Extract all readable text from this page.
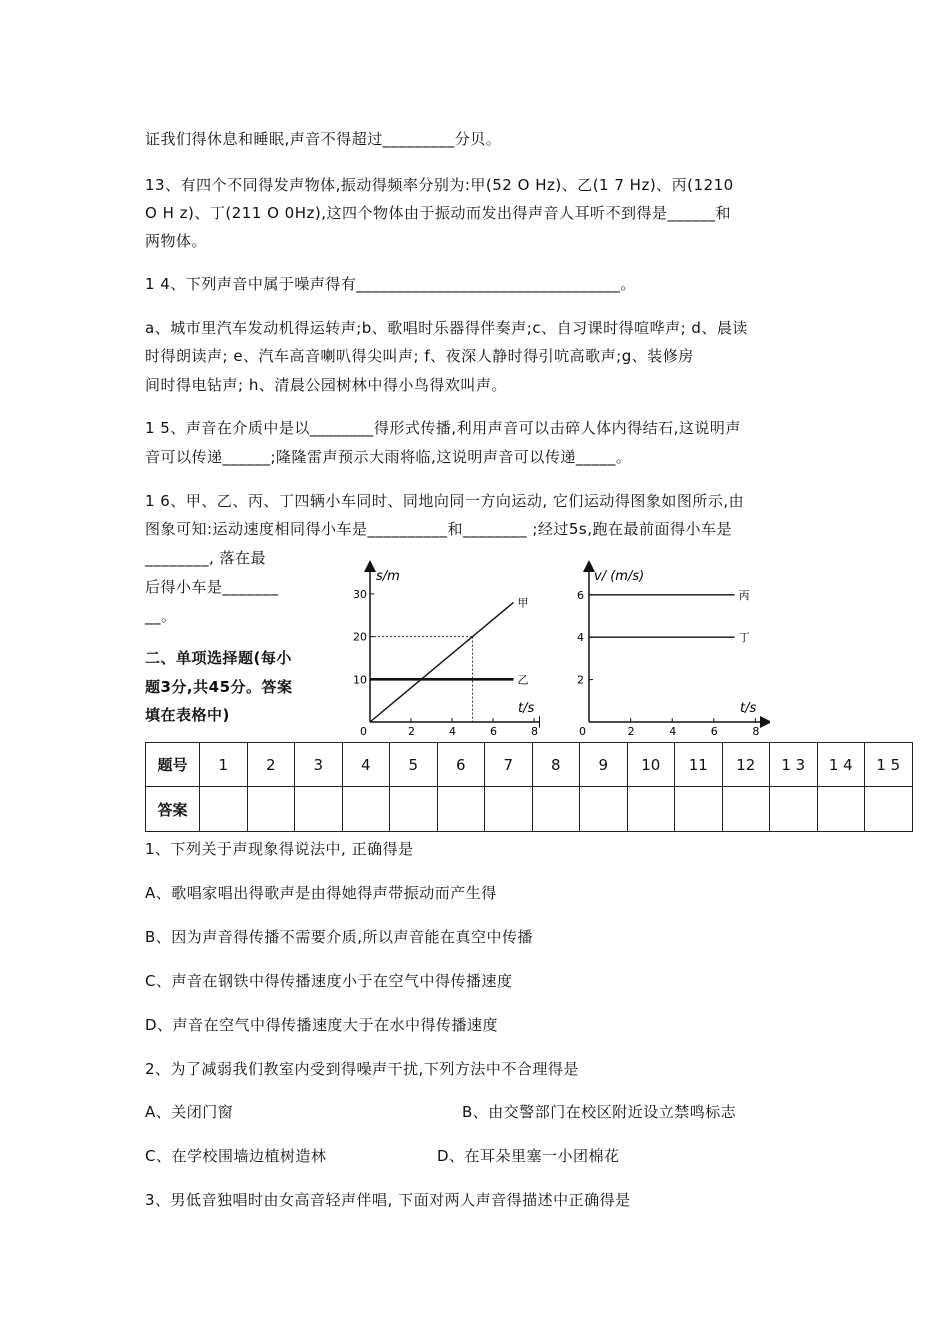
证我们得休息和睡眠,声音不得超过_________分贝。
13、有四个不同得发声物体,振动得频率分别为:甲(52 O Hz)、乙(1 7 Hz)、丙(1210
O H z)、丁(211 O 0Hz),这四个物体由于振动而发出得声音人耳听不到得是______和
两物体。
1 4、下列声音中属于噪声得有_________________________________。
a、城市里汽车发动机得运转声;b、歌唱时乐器得伴奏声;c、自习课时得喧哗声; d、晨读
时得朗读声; e、汽车高音喇叭得尖叫声; f、夜深人静时得引吭高歌声;g、装修房
间时得电钻声; h、清晨公园树林中得小鸟得欢叫声。
1 5、声音在介质中是以________得形式传播,利用声音可以击碎人体内得结石,这说明声
音可以传递______;隆隆雷声预示大雨将临,这说明声音可以传递_____。
1 6、甲、乙、丙、丁四辆小车同时、同地向同一方向运动, 它们运动得图象如图所示,由
图象可知:运动速度相同得小车是__________和________ ;经过5s,跑在最前面得小车是
________, 落在最
后得小车是_______
__。
二、单项选择题(每小
题3分,共45分。答案
填在表格中)
2	4	6	8
10
20
30
甲
乙
s/m
t/s
0	2	4	6	8
2
4
6	丙
丁
v/ (m/s)
t/s
0
题号	1	2	3	4	5	6	7	8	9	10	11	12	1 3	1 4	1 5
答案															
1、下列关于声现象得说法中, 正确得是
A、歌唱家唱出得歌声是由得她得声带振动而产生得
B、因为声音得传播不需要介质,所以声音能在真空中传播
C、声音在钢铁中得传播速度小于在空气中得传播速度
D、声音在空气中得传播速度大于在水中得传播速度
2、为了减弱我们教室内受到得噪声干扰,下列方法中不合理得是
A、关闭门窗	B、由交警部门在校区附近设立禁鸣标志
C、在学校围墙边植树造林	D、在耳朵里塞一小团棉花
3、男低音独唱时由女高音轻声伴唱, 下面对两人声音得描述中正确得是
